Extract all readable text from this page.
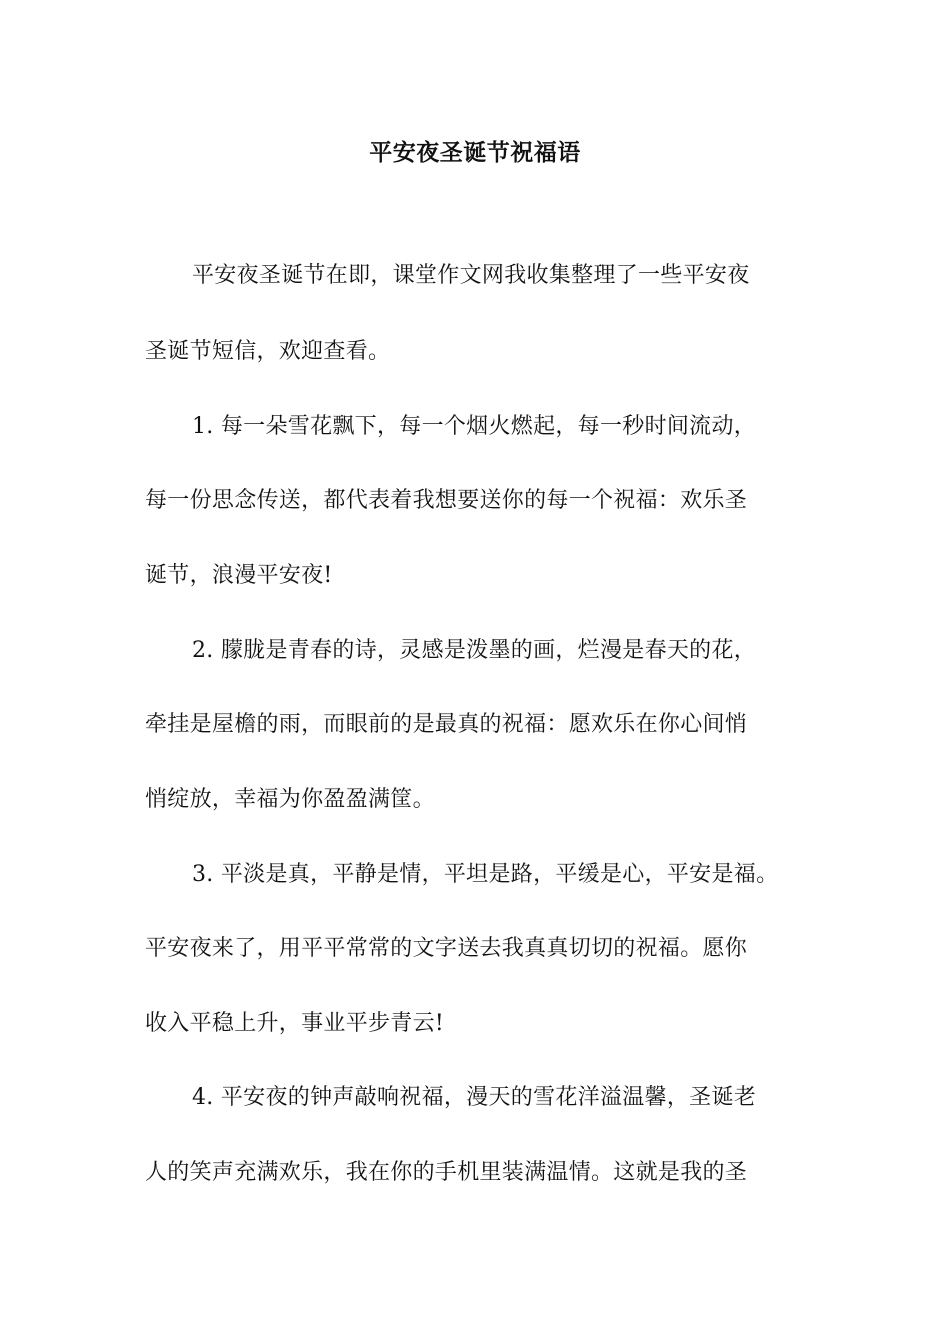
平安夜圣诞节祝福语
平安夜圣诞节在即，课堂作文网我收集整理了一些平安夜
圣诞节短信，欢迎查看。
1. 每一朵雪花飘下，每一个烟火燃起，每一秒时间流动，
每一份思念传送，都代表着我想要送你的每一个祝福：欢乐圣
诞节，浪漫平安夜!
2. 朦胧是青春的诗，灵感是泼墨的画，烂漫是春天的花，
牵挂是屋檐的雨，而眼前的是最真的祝福：愿欢乐在你心间悄
悄绽放，幸福为你盈盈满筐。
3. 平淡是真，平静是情，平坦是路，平缓是心，平安是福。
平安夜来了，用平平常常的文字送去我真真切切的祝福。愿你
收入平稳上升，事业平步青云!
4. 平安夜的钟声敲响祝福，漫天的雪花洋溢温馨，圣诞老
人的笑声充满欢乐，我在你的手机里装满温情。这就是我的圣
